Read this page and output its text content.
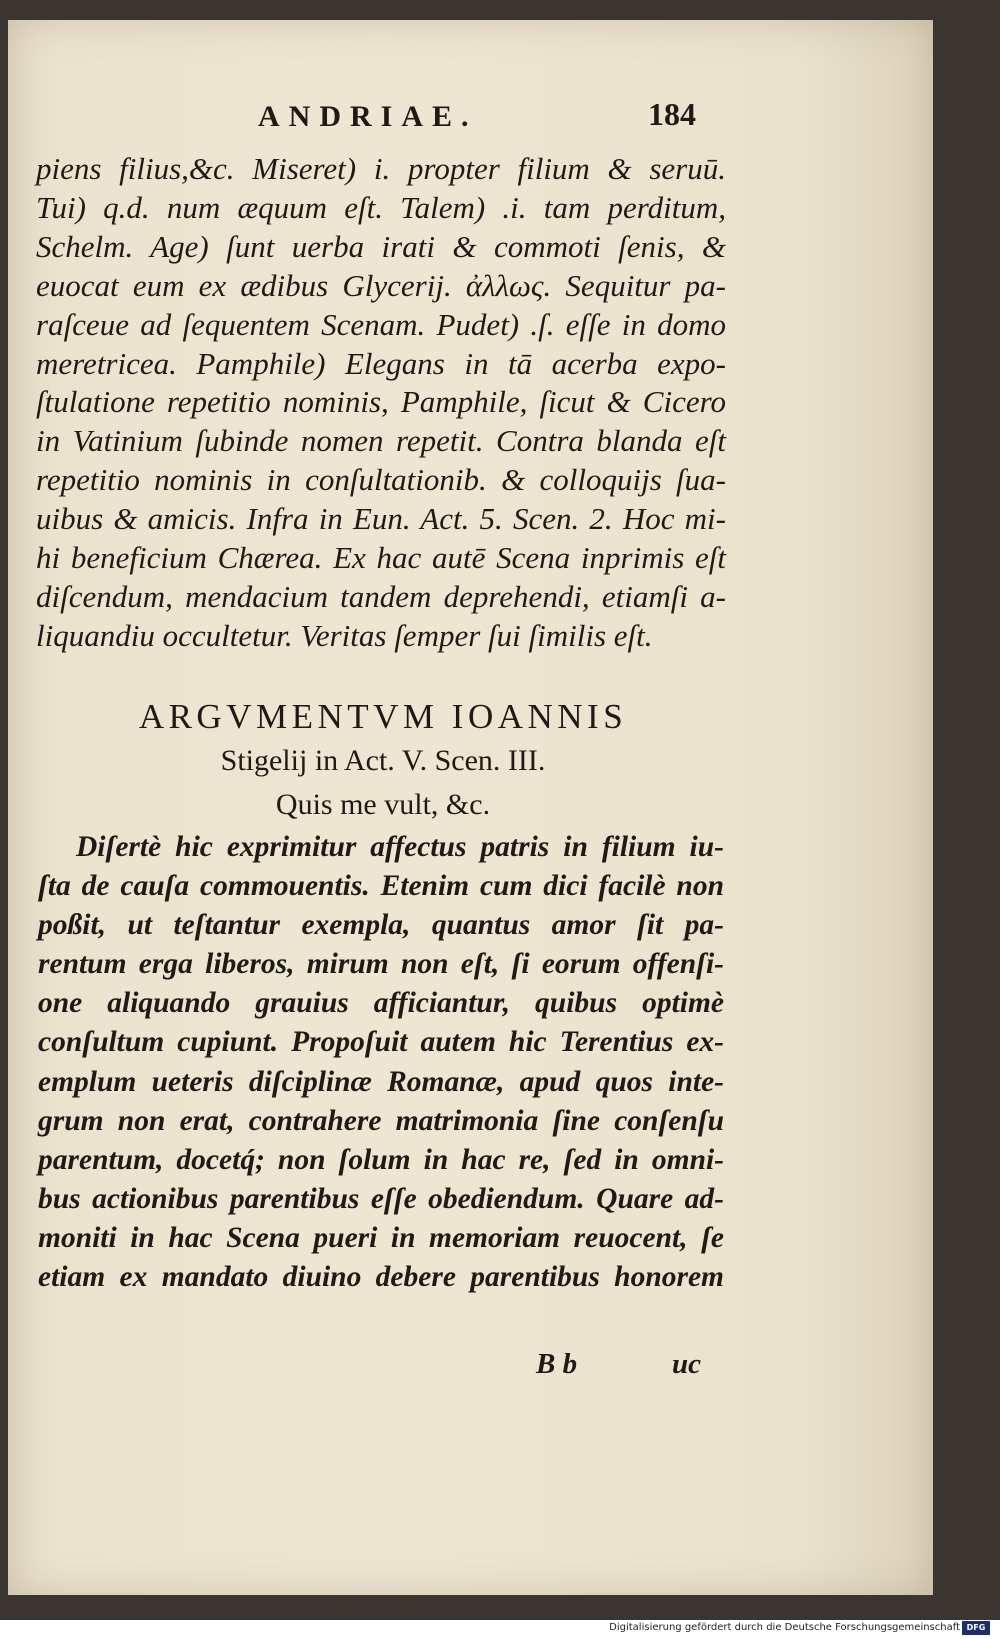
ANDRIAE.	184
piens filius,&c. Miseret) i. propter filium & seruū.
Tui) q.d. num æquum eſt. Talem) .i. tam perditum,
Schelm. Age) ſunt uerba irati & commoti ſenis, &
euocat eum ex ædibus Glycerij. ἀλλως. Sequitur pa-
raſceue ad ſequentem Scenam. Pudet) .ſ. eſſe in domo
meretricea. Pamphile) Elegans in tā acerba expo-
ſtulatione repetitio nominis, Pamphile, ſicut & Cicero
in Vatinium ſubinde nomen repetit. Contra blanda eſt
repetitio nominis in conſultationib. & colloquijs ſua-
uibus & amicis. Infra in Eun. Act. 5. Scen. 2. Hoc mi-
hi beneficium Chærea. Ex hac autē Scena inprimis eſt
diſcendum, mendacium tandem deprehendi, etiamſi a-
liquandiu occultetur. Veritas ſemper ſui ſimilis eſt.
ARGVMENTVM IOANNIS
Stigelij in Act. V. Scen. III.
Quis me vult, &c.
Diſertè hic exprimitur affectus patris in filium iu-
ſta de cauſa commouentis. Etenim cum dici facilè non
poßit, ut teſtantur exempla, quantus amor ſit pa-
rentum erga liberos, mirum non eſt, ſi eorum offenſi-
one aliquando grauius afficiantur, quibus optimè
conſultum cupiunt. Propoſuit autem hic Terentius ex-
emplum ueteris diſciplinæ Romanæ, apud quos inte-
grum non erat, contrahere matrimonia ſine conſenſu
parentum, docetq́; non ſolum in hac re, ſed in omni-
bus actionibus parentibus eſſe obediendum. Quare ad-
moniti in hac Scena pueri in memoriam reuocent, ſe
etiam ex mandato diuino debere parentibus honorem
B b	uc
Digitalisierung gefördert durch die Deutsche Forschungsgemeinschaft DFG
